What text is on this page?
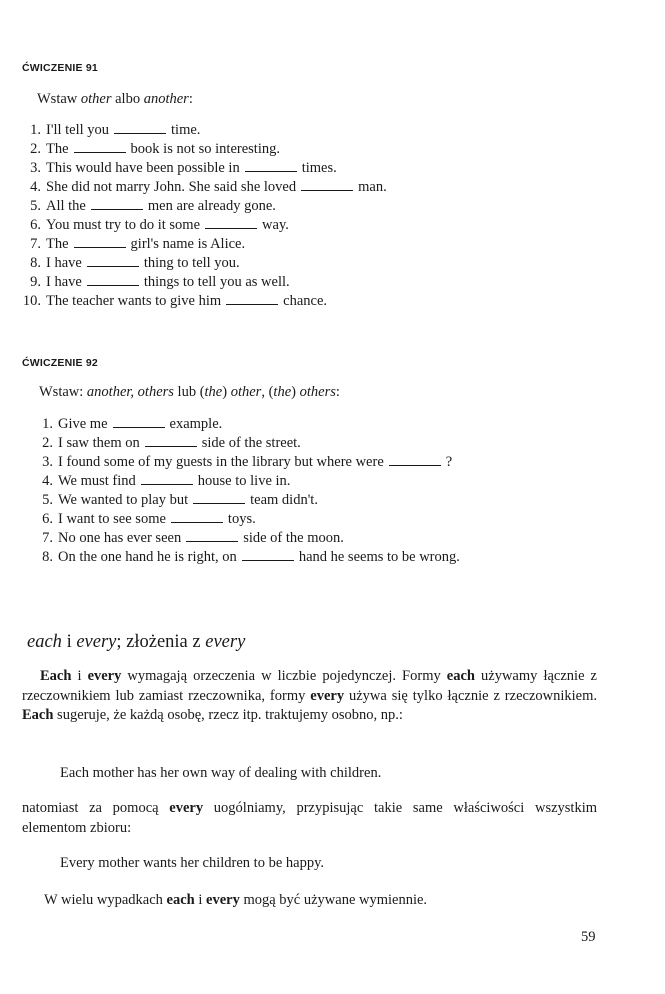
ĆWICZENIE 91
Wstaw other albo another:
1. I'll tell you	time.
2. The	book is not so interesting.
3. This would have been possible in	times.
4. She did not marry John. She said she loved	man.
5. All the	men are already gone.
6. You must try to do it some	way.
7. The	girl's name is Alice.
8. I have	thing to tell you.
9. I have	things to tell you as well.
10. The teacher wants to give him	chance.
ĆWICZENIE 92
Wstaw: another, others lub (the) other, (the) others:
1. Give me	example.
2. I saw them on	side of the street.
3. I found some of my guests in the library but where were	?
4. We must find	house to live in.
5. We wanted to play but	team didn't.
6. I want to see some	toys.
7. No one has ever seen	side of the moon.
8. On the one hand he is right, on	hand he seems to be wrong.
each i every; złożenia z every
Each i every wymagają orzeczenia w liczbie pojedynczej. Formy each używamy łącznie z rzeczownikiem lub zamiast rzeczownika, formy every używa się tylko łącznie z rzeczownikiem. Each sugeruje, że każdą osobę, rzecz itp. traktujemy osobno, np.:
Each mother has her own way of dealing with children.
natomiast za pomocą every uogólniamy, przypisując takie same właściwości wszystkim elementom zbioru:
Every mother wants her children to be happy.
W wielu wypadkach each i every mogą być używane wymiennie.
59
